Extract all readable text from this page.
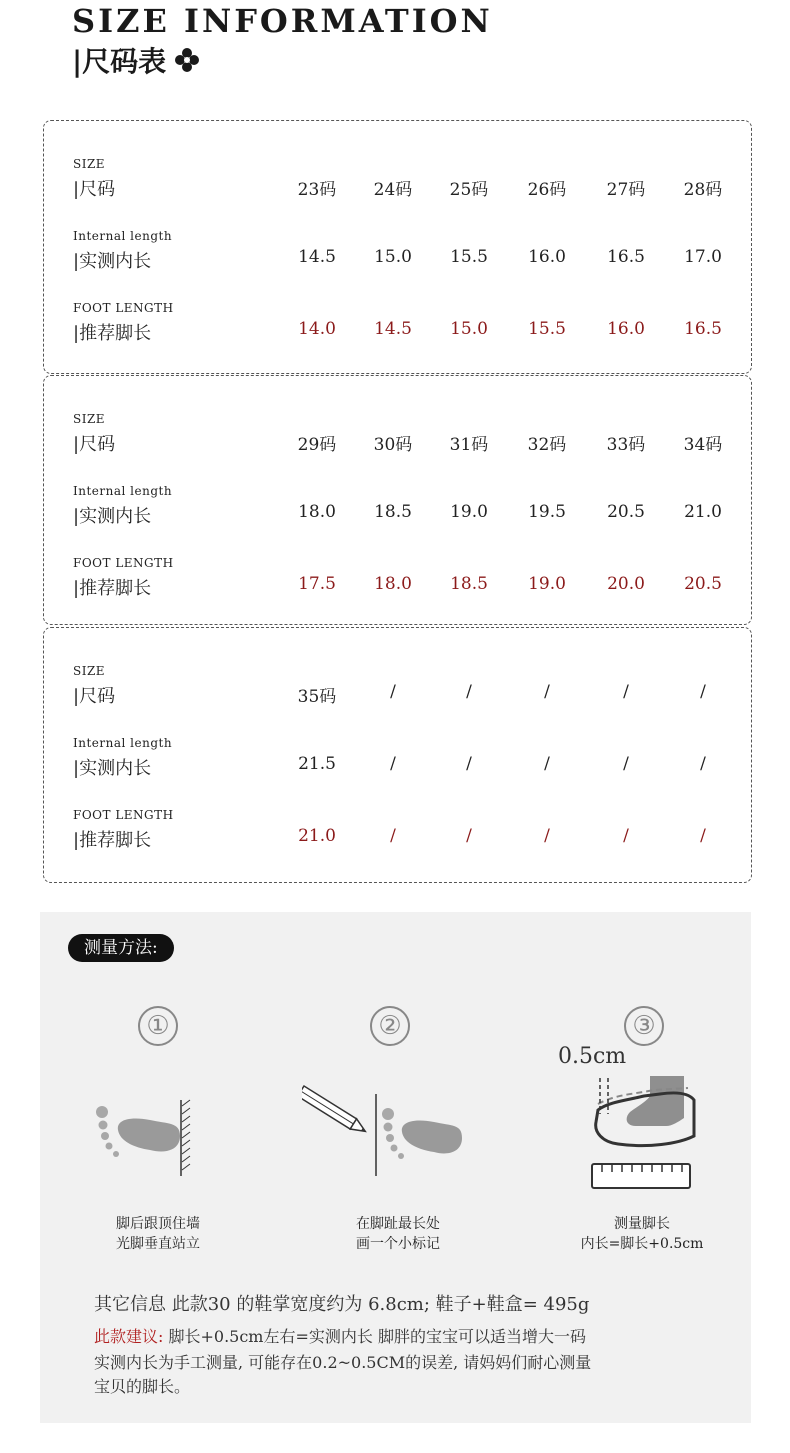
SIZE INFORMATION
|尺码表
SIZE
|尺码	23码 24码 25码 26码 27码 28码
Internal length
|实测内长	14.5 15.0 15.5 16.0 16.5 17.0
FOOT LENGTH
|推荐脚长	14.0 14.5 15.0 15.5 16.0 16.5
SIZE
|尺码	29码 30码 31码 32码 33码 34码
Internal length
|实测内长	18.0 18.5 19.0 19.5 20.5 21.0
FOOT LENGTH
|推荐脚长	17.5 18.0 18.5 19.0 20.0 20.5
SIZE
|尺码	35码	/	/	/	/	/
Internal length
|实测内长	21.5	/	/	/	/	/
FOOT LENGTH
|推荐脚长	21.0	/	/	/	/	/
测量方法:
①
脚后跟顶住墙
光脚垂直站立
②
在脚趾最长处
画一个小标记
③
0.5cm
测量脚长
内长=脚长+0.5cm
其它信息 此款30 的鞋掌宽度约为 6.8cm; 鞋子+鞋盒= 495g
此款建议: 脚长+0.5cm左右=实测内长 脚胖的宝宝可以适当增大一码
实测内长为手工测量, 可能存在0.2~0.5CM的误差, 请妈妈们耐心测量
宝贝的脚长。
